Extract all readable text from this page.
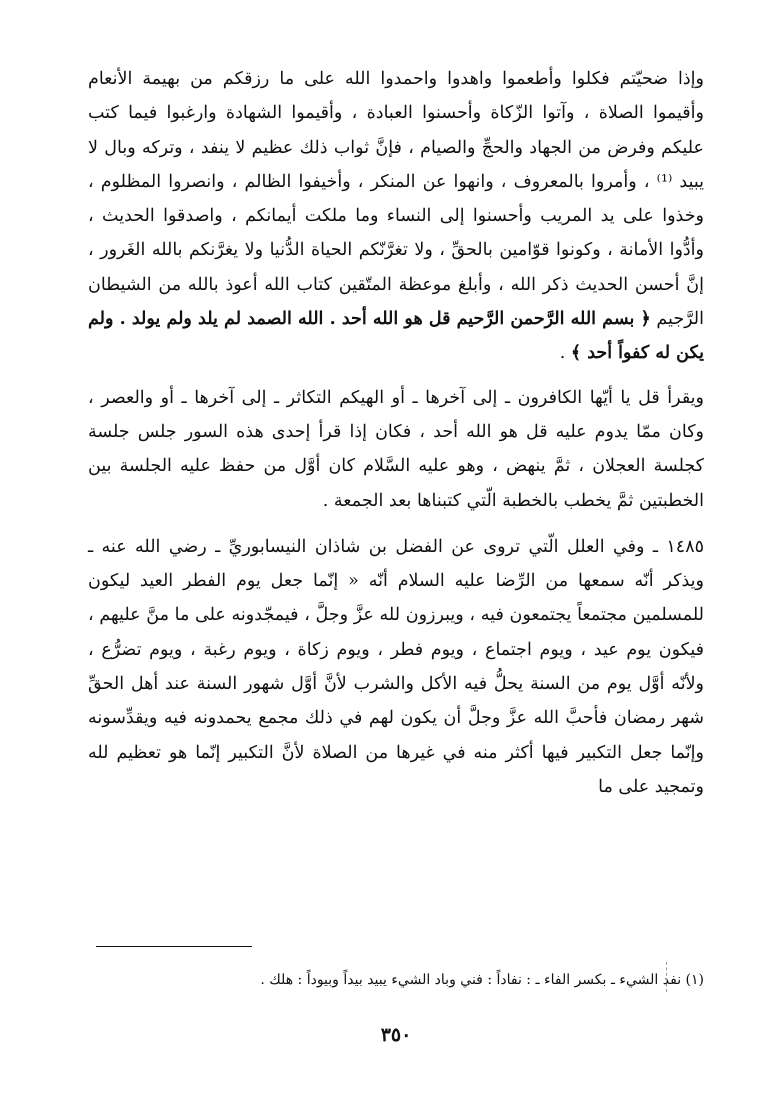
وإذا ضحيّتم فكلوا وأطعموا واهدوا واحمدوا الله على ما رزقكم من بهيمة الأنعام وأقيموا الصلاة ، وآتوا الزّكاة وأحسنوا العبادة ، وأقيموا الشهادة وارغبوا فيما كتب عليكم وفرض من الجهاد والحجِّ والصيام ، فإنَّ ثواب ذلك عظيم لا ينفد ، وتركه وبال لا يبيد ⁽¹⁾ ، وأمروا بالمعروف ، وانهوا عن المنكر ، وأخيفوا الظالم ، وانصروا المظلوم ، وخذوا على يد المريب وأحسنوا إلى النساء وما ملكت أيمانكم ، واصدقوا الحديث ، وأدُّوا الأمانة ، وكونوا قوّامين بالحقِّ ، ولا تغرَّنّكم الحياة الدُّنيا ولا يغرَّنكم بالله الغَرور ، إنَّ أحسن الحديث ذكر الله ، وأبلغ موعظة المتّقين كتاب الله أعوذ بالله من الشيطان الرَّجيم ﴿ بسم الله الرَّحمن الرَّحيم قل هو الله أحد . الله الصمد لم يلد ولم يولد . ولم يكن له كفواً أحد ﴾ .

ويقرأ قل يا أيّها الكافرون ـ إلى آخرها ـ أو الهيكم التكاثر ـ إلى آخرها ـ أو والعصر ، وكان ممّا يدوم عليه قل هو الله أحد ، فكان إذا قرأ إحدى هذه السور جلس جلسة كجلسة العجلان ، ثمَّ ينهض ، وهو عليه السَّلام كان أوَّل من حفظ عليه الجلسة بين الخطبتين ثمَّ يخطب بالخطبة الّتي كتبناها بعد الجمعة .

١٤٨٥ ـ وفي العلل الّتي تروى عن الفضل بن شاذان النيسابوريِّ ـ رضي الله عنه ـ ويذكر أنّه سمعها من الرِّضا عليه السلام أنّه « إنّما جعل يوم الفطر العيد ليكون للمسلمين مجتمعاً يجتمعون فيه ، ويبرزون لله عزَّ وجلَّ ، فيمجّدونه على ما منَّ عليهم ، فيكون يوم عيد ، ويوم اجتماع ، ويوم فطر ، ويوم زكاة ، ويوم رغبة ، ويوم تضرُّع ، ولأنّه أوَّل يوم من السنة يحلُّ فيه الأكل والشرب لأنَّ أوَّل شهور السنة عند أهل الحقِّ شهر رمضان فأحبَّ الله عزَّ وجلَّ أن يكون لهم في ذلك مجمع يحمدونه فيه ويقدِّسونه وإنّما جعل التكبير فيها أكثر منه في غيرها من الصلاة لأنَّ التكبير إنّما هو تعظيم لله وتمجيد على ما

(١) نفد الشيء ـ بكسر الفاء ـ : نفاداً : فني وباد الشيء يبيد بيداً وبيوداً : هلك .
٣٥٠
